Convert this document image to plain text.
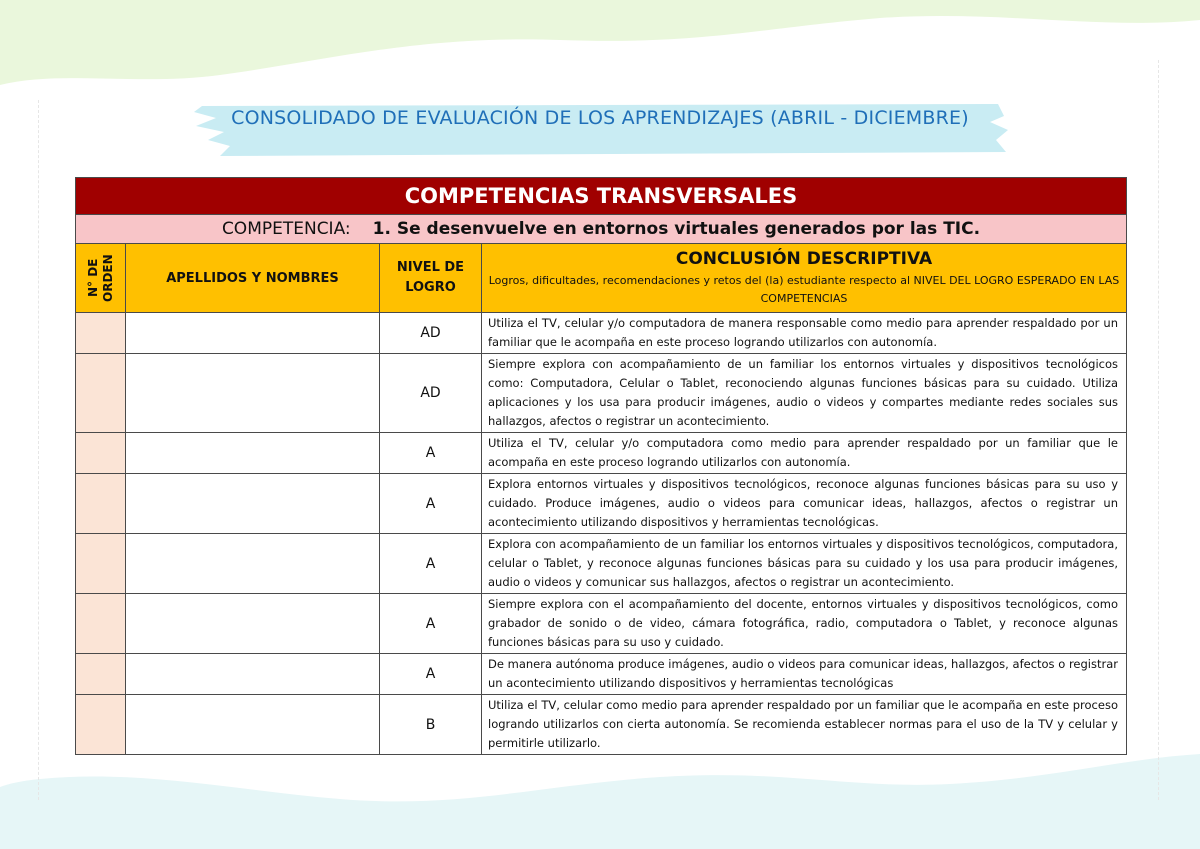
CONSOLIDADO DE EVALUACIÓN DE LOS APRENDIZAJES (ABRIL - DICIEMBRE)
COMPETENCIAS TRANSVERSALES			
COMPETENCIA: 1. Se desenvuelve en entornos virtuales generados por las TIC.			

N° DE ORDEN	APELLIDOS Y NOMBRES	NIVEL DE LOGRO	CONCLUSIÓN DESCRIPTIVA
Logros, dificultades, recomendaciones y retos del (la) estudiante respecto al NIVEL DEL LOGRO ESPERADO EN LAS COMPETENCIAS

		AD	Utiliza el TV, celular y/o computadora de manera responsable como medio para aprender respaldado por un familiar que le acompaña en este proceso logrando utilizarlos con autonomía.
		AD	Siempre explora con acompañamiento de un familiar los entornos virtuales y dispositivos tecnológicos como: Computadora, Celular o Tablet, reconociendo algunas funciones básicas para su cuidado. Utiliza aplicaciones y los usa para producir imágenes, audio o videos y compartes mediante redes sociales sus hallazgos, afectos o registrar un acontecimiento.
		A	Utiliza el TV, celular y/o computadora como medio para aprender respaldado por un familiar que le acompaña en este proceso logrando utilizarlos con autonomía.
		A	Explora entornos virtuales y dispositivos tecnológicos, reconoce algunas funciones básicas para su uso y cuidado. Produce imágenes, audio o videos para comunicar ideas, hallazgos, afectos o registrar un acontecimiento utilizando dispositivos y herramientas tecnológicas.
		A	Explora con acompañamiento de un familiar los entornos virtuales y dispositivos tecnológicos, computadora, celular o Tablet, y reconoce algunas funciones básicas para su cuidado y los usa para producir imágenes, audio o videos y comunicar sus hallazgos, afectos o registrar un acontecimiento.
		A	Siempre explora con el acompañamiento del docente, entornos virtuales y dispositivos tecnológicos, como grabador de sonido o de video, cámara fotográfica, radio, computadora o Tablet, y reconoce algunas funciones básicas para su uso y cuidado.
		A	De manera autónoma produce imágenes, audio o videos para comunicar ideas, hallazgos, afectos o registrar un acontecimiento utilizando dispositivos y herramientas tecnológicas
		B	Utiliza el TV, celular como medio para aprender respaldado por un familiar que le acompaña en este proceso logrando utilizarlos con cierta autonomía. Se recomienda establecer normas para el uso de la TV y celular y permitirle utilizarlo.
